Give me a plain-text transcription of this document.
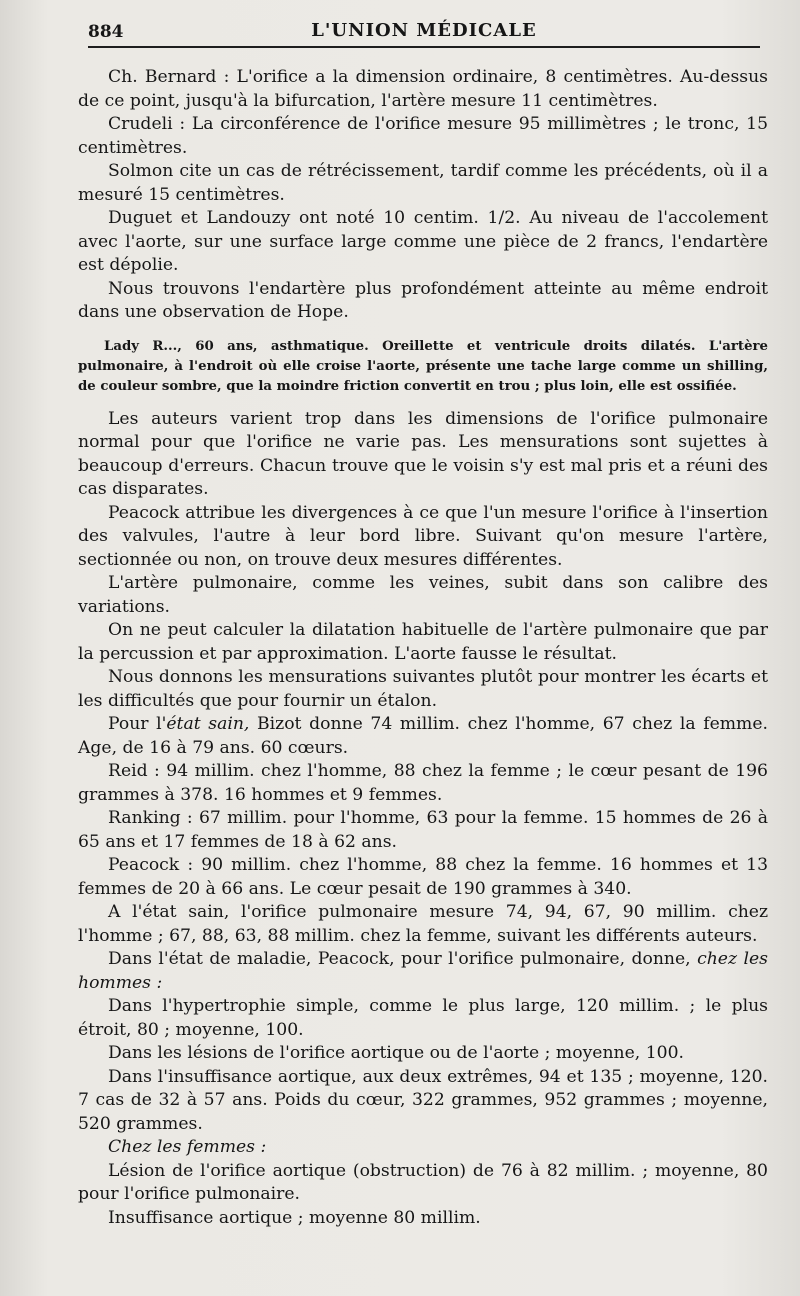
884	L'UNION MÉDICALE

Ch. Bernard : L'orifice a la dimension ordinaire, 8 centimètres. Au-dessus de ce point, jusqu'à la bifurcation, l'artère mesure 11 centimètres.

Crudeli : La circonférence de l'orifice mesure 95 millimètres ; le tronc, 15 centimètres.

Solmon cite un cas de rétrécissement, tardif comme les précédents, où il a mesuré 15 centimètres.

Duguet et Landouzy ont noté 10 centim. 1/2. Au niveau de l'accolement avec l'aorte, sur une surface large comme une pièce de 2 francs, l'endartère est dépolie.

Nous trouvons l'endartère plus profondément atteinte au même endroit dans une observation de Hope.

Lady R..., 60 ans, asthmatique. Oreillette et ventricule droits dilatés. L'artère pulmonaire, à l'endroit où elle croise l'aorte, présente une tache large comme un shilling, de couleur sombre, que la moindre friction convertit en trou ; plus loin, elle est ossifiée.

Les auteurs varient trop dans les dimensions de l'orifice pulmonaire normal pour que l'orifice ne varie pas. Les mensurations sont sujettes à beaucoup d'erreurs. Chacun trouve que le voisin s'y est mal pris et a réuni des cas disparates.

Peacock attribue les divergences à ce que l'un mesure l'orifice à l'insertion des valvules, l'autre à leur bord libre. Suivant qu'on mesure l'artère, sectionnée ou non, on trouve deux mesures différentes.

L'artère pulmonaire, comme les veines, subit dans son calibre des variations.

On ne peut calculer la dilatation habituelle de l'artère pulmonaire que par la percussion et par approximation. L'aorte fausse le résultat.

Nous donnons les mensurations suivantes plutôt pour montrer les écarts et les difficultés que pour fournir un étalon.

Pour l'état sain, Bizot donne 74 millim. chez l'homme, 67 chez la femme. Age, de 16 à 79 ans. 60 cœurs.

Reid : 94 millim. chez l'homme, 88 chez la femme ; le cœur pesant de 196 grammes à 378. 16 hommes et 9 femmes.

Ranking : 67 millim. pour l'homme, 63 pour la femme. 15 hommes de 26 à 65 ans et 17 femmes de 18 à 62 ans.

Peacock : 90 millim. chez l'homme, 88 chez la femme. 16 hommes et 13 femmes de 20 à 66 ans. Le cœur pesait de 190 grammes à 340.

A l'état sain, l'orifice pulmonaire mesure 74, 94, 67, 90 millim. chez l'homme ; 67, 88, 63, 88 millim. chez la femme, suivant les différents auteurs.

Dans l'état de maladie, Peacock, pour l'orifice pulmonaire, donne, chez les hommes :

Dans l'hypertrophie simple, comme le plus large, 120 millim. ; le plus étroit, 80 ; moyenne, 100.

Dans les lésions de l'orifice aortique ou de l'aorte ; moyenne, 100.

Dans l'insuffisance aortique, aux deux extrêmes, 94 et 135 ; moyenne, 120. 7 cas de 32 à 57 ans. Poids du cœur, 322 grammes, 952 grammes ; moyenne, 520 grammes.

Chez les femmes :

Lésion de l'orifice aortique (obstruction) de 76 à 82 millim. ; moyenne, 80 pour l'orifice pulmonaire.

Insuffisance aortique ; moyenne 80 millim.
